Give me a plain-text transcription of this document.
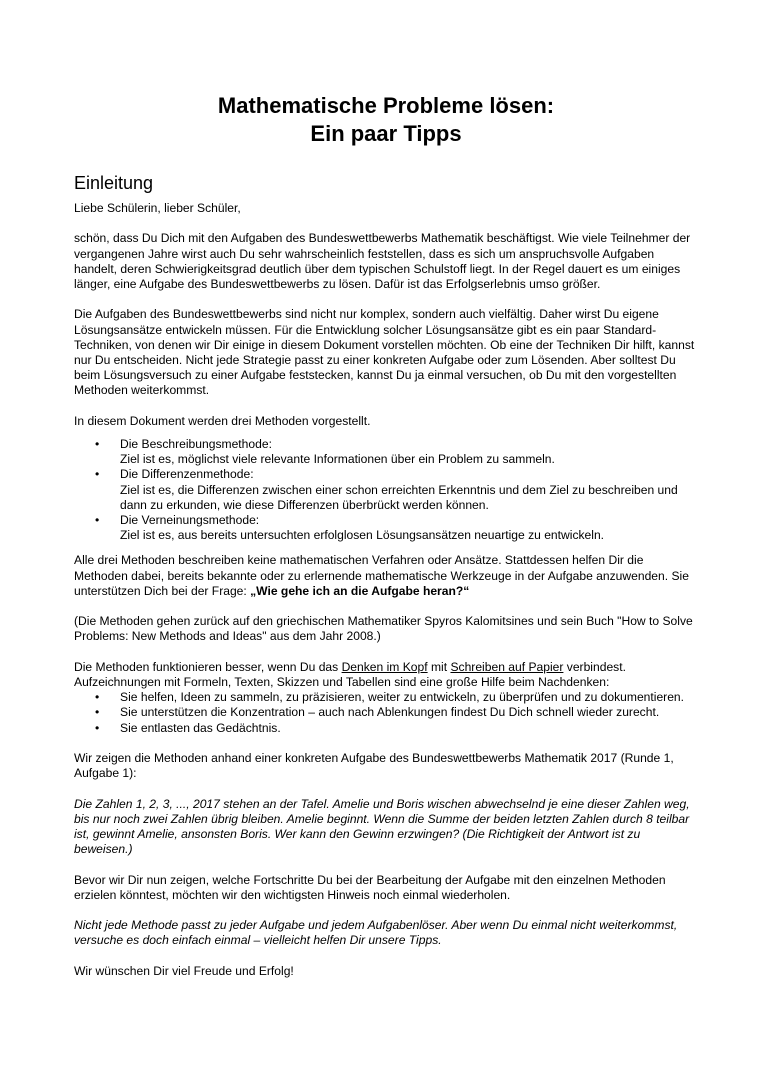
Mathematische Probleme lösen:
Ein paar Tipps
Einleitung

Liebe Schülerin, lieber Schüler,

schön, dass Du Dich mit den Aufgaben des Bundeswettbewerbs Mathematik beschäftigst. Wie viele Teilnehmer der vergangenen Jahre wirst auch Du sehr wahrscheinlich feststellen, dass es sich um anspruchsvolle Aufgaben handelt, deren Schwierigkeitsgrad deutlich über dem typischen Schulstoff liegt. In der Regel dauert es um einiges länger, eine Aufgabe des Bundeswettbewerbs zu lösen. Dafür ist das Erfolgserlebnis umso größer.

Die Aufgaben des Bundeswettbewerbs sind nicht nur komplex, sondern auch vielfältig. Daher wirst Du eigene Lösungsansätze entwickeln müssen. Für die Entwicklung solcher Lösungsansätze gibt es ein paar Standard-Techniken, von denen wir Dir einige in diesem Dokument vorstellen möchten. Ob eine der Techniken Dir hilft, kannst nur Du entscheiden. Nicht jede Strategie passt zu einer konkreten Aufgabe oder zum Lösenden. Aber solltest Du beim Lösungsversuch zu einer Aufgabe feststecken, kannst Du ja einmal versuchen, ob Du mit den vorgestellten Methoden weiterkommst.

In diesem Dokument werden drei Methoden vorgestellt.

• Die Beschreibungsmethode:
Ziel ist es, möglichst viele relevante Informationen über ein Problem zu sammeln.
• Die Differenzenmethode:
Ziel ist es, die Differenzen zwischen einer schon erreichten Erkenntnis und dem Ziel zu beschreiben und dann zu erkunden, wie diese Differenzen überbrückt werden können.
• Die Verneinungsmethode:
Ziel ist es, aus bereits untersuchten erfolglosen Lösungsansätzen neuartige zu entwickeln.

Alle drei Methoden beschreiben keine mathematischen Verfahren oder Ansätze. Stattdessen helfen Dir die Methoden dabei, bereits bekannte oder zu erlernende mathematische Werkzeuge in der Aufgabe anzuwenden. Sie unterstützen Dich bei der Frage: „Wie gehe ich an die Aufgabe heran?“

(Die Methoden gehen zurück auf den griechischen Mathematiker Spyros Kalomitsines und sein Buch "How to Solve Problems: New Methods and Ideas" aus dem Jahr 2008.)

Die Methoden funktionieren besser, wenn Du das Denken im Kopf mit Schreiben auf Papier verbindest. Aufzeichnungen mit Formeln, Texten, Skizzen und Tabellen sind eine große Hilfe beim Nachdenken:

• Sie helfen, Ideen zu sammeln, zu präzisieren, weiter zu entwickeln, zu überprüfen und zu dokumentieren.
• Sie unterstützen die Konzentration – auch nach Ablenkungen findest Du Dich schnell wieder zurecht.
• Sie entlasten das Gedächtnis.

Wir zeigen die Methoden anhand einer konkreten Aufgabe des Bundeswettbewerbs Mathematik 2017 (Runde 1, Aufgabe 1):

Die Zahlen 1, 2, 3, ..., 2017 stehen an der Tafel. Amelie und Boris wischen abwechselnd je eine dieser Zahlen weg, bis nur noch zwei Zahlen übrig bleiben. Amelie beginnt. Wenn die Summe der beiden letzten Zahlen durch 8 teilbar ist, gewinnt Amelie, ansonsten Boris. Wer kann den Gewinn erzwingen? (Die Richtigkeit der Antwort ist zu beweisen.)

Bevor wir Dir nun zeigen, welche Fortschritte Du bei der Bearbeitung der Aufgabe mit den einzelnen Methoden erzielen könntest, möchten wir den wichtigsten Hinweis noch einmal wiederholen.

Nicht jede Methode passt zu jeder Aufgabe und jedem Aufgabenlöser. Aber wenn Du einmal nicht weiterkommst, versuche es doch einfach einmal – vielleicht helfen Dir unsere Tipps.

Wir wünschen Dir viel Freude und Erfolg!
